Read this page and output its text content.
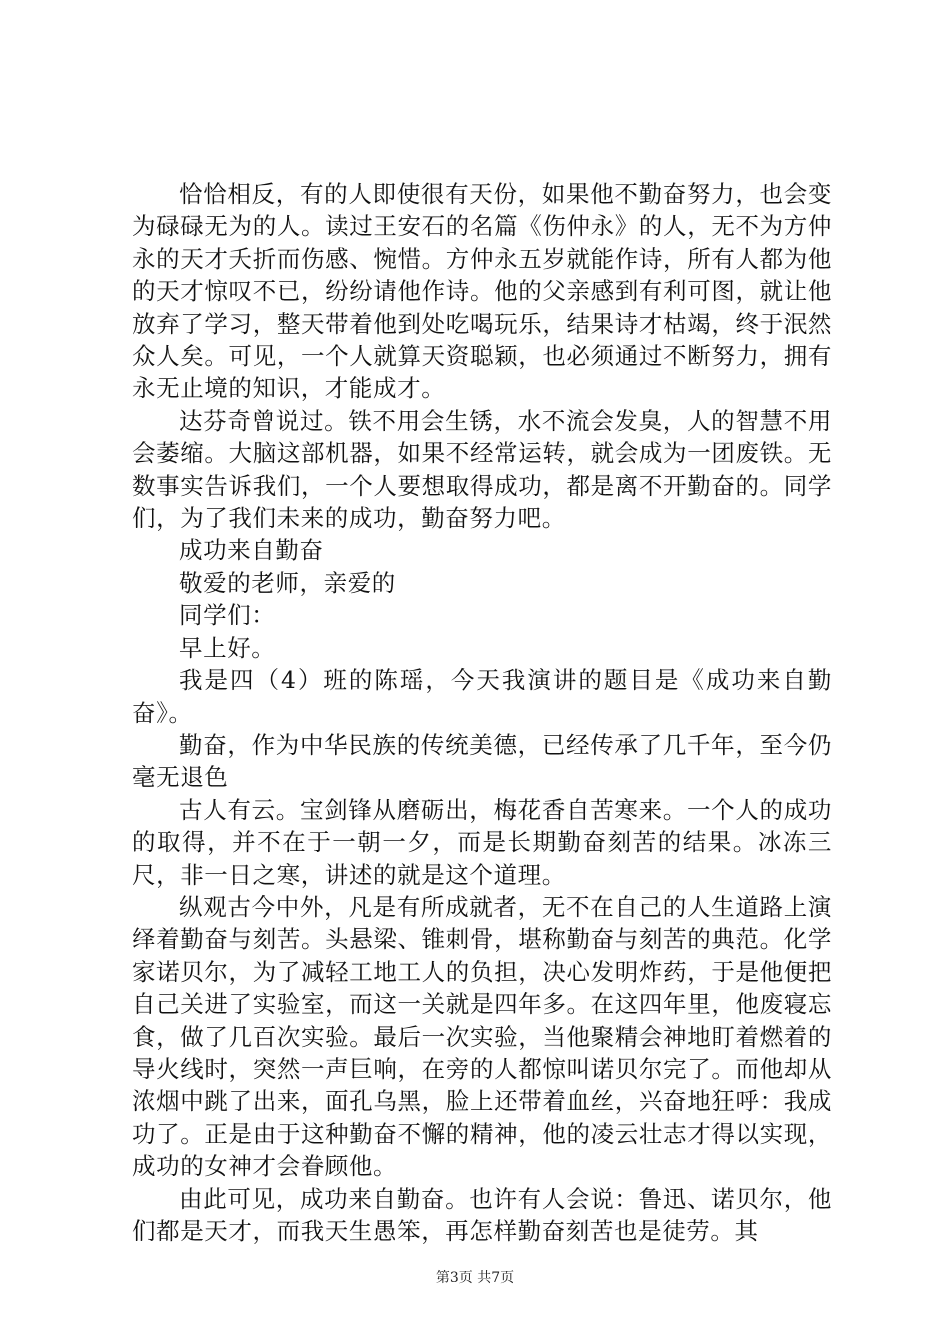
恰恰相反，有的人即使很有天份，如果他不勤奋努力，也会变为碌碌无为的人。读过王安石的名篇《伤仲永》的人，无不为方仲永的天才夭折而伤感、惋惜。方仲永五岁就能作诗，所有人都为他的天才惊叹不已，纷纷请他作诗。他的父亲感到有利可图，就让他放弃了学习，整天带着他到处吃喝玩乐，结果诗才枯竭，终于泯然众人矣。可见，一个人就算天资聪颖，也必须通过不断努力，拥有永无止境的知识，才能成才。

达芬奇曾说过。铁不用会生锈，水不流会发臭，人的智慧不用会萎缩。大脑这部机器，如果不经常运转，就会成为一团废铁。无数事实告诉我们，一个人要想取得成功，都是离不开勤奋的。同学们，为了我们未来的成功，勤奋努力吧。

成功来自勤奋

敬爱的老师，亲爱的

同学们：

早上好。

我是四（4）班的陈瑶，今天我演讲的题目是《成功来自勤奋》。

勤奋，作为中华民族的传统美德，已经传承了几千年，至今仍毫无退色

古人有云。宝剑锋从磨砺出，梅花香自苦寒来。一个人的成功的取得，并不在于一朝一夕，而是长期勤奋刻苦的结果。冰冻三尺，非一日之寒，讲述的就是这个道理。

纵观古今中外，凡是有所成就者，无不在自己的人生道路上演绎着勤奋与刻苦。头悬梁、锥刺骨，堪称勤奋与刻苦的典范。化学家诺贝尔，为了减轻工地工人的负担，决心发明炸药，于是他便把自己关进了实验室，而这一关就是四年多。在这四年里，他废寝忘食，做了几百次实验。最后一次实验，当他聚精会神地盯着燃着的导火线时，突然一声巨响，在旁的人都惊叫诺贝尔完了。而他却从浓烟中跳了出来，面孔乌黑，脸上还带着血丝，兴奋地狂呼：我成功了。正是由于这种勤奋不懈的精神，他的凌云壮志才得以实现，成功的女神才会眷顾他。

由此可见，成功来自勤奋。也许有人会说：鲁迅、诺贝尔，他们都是天才，而我天生愚笨，再怎样勤奋刻苦也是徒劳。其

第3页 共7页
